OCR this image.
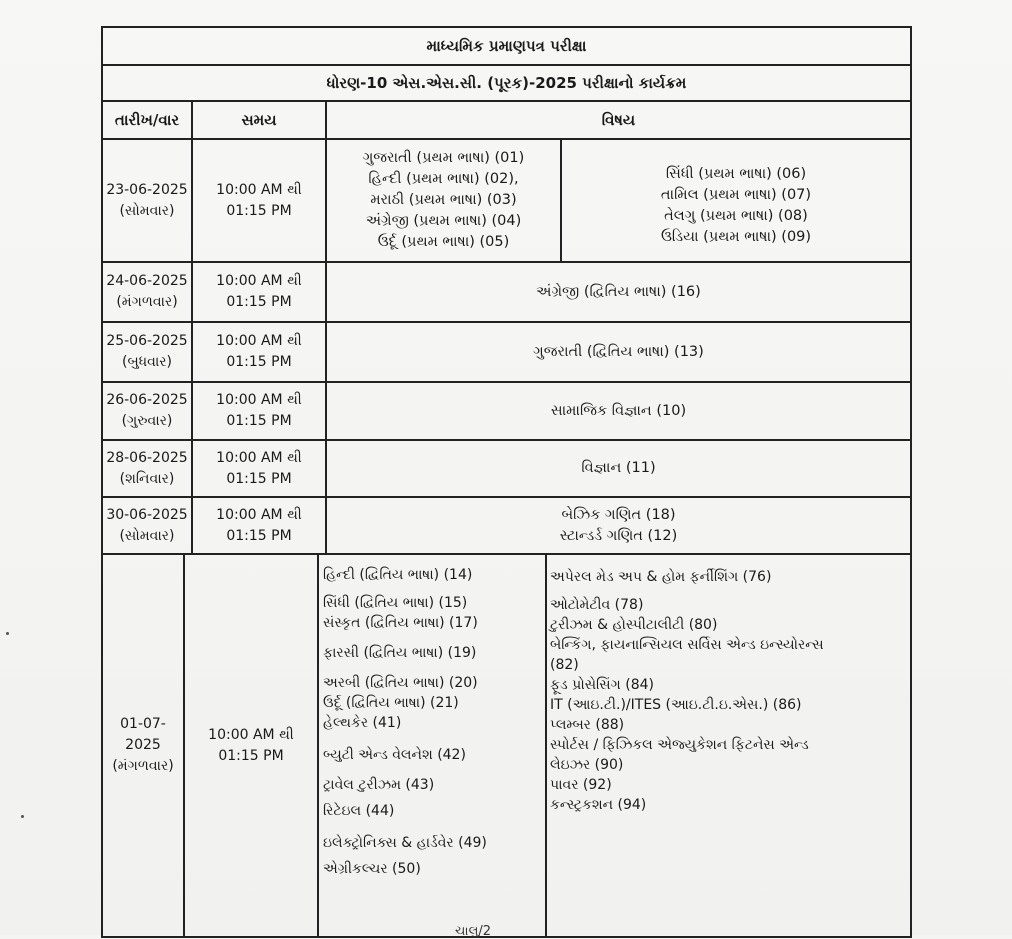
માધ્યમિક પ્રમાણપત્ર પરીક્ષા
ધોરણ-10 એસ.એસ.સી. (પૂરક)-2025 પરીક્ષાનો કાર્યક્રમ
તારીખ/વાર	સમય	વિષય
23-06-2025
(સોમવાર)
10:00 AM થી
01:15 PM
ગુજરાતી (પ્રથમ ભાષા) (01)
હિન્દી (પ્રથમ ભાષા) (02),
મરાઠી (પ્રથમ ભાષા) (03)
અંગ્રેજી (પ્રથમ ભાષા) (04)
ઉર્દૂ (પ્રથમ ભાષા) (05)
સિંધી (પ્રથમ ભાષા) (06)
તામિલ (પ્રથમ ભાષા) (07)
તેલગુ (પ્રથમ ભાષા) (08)
ઉડિયા (પ્રથમ ભાષા) (09)
24-06-2025
(મંગળવાર)
10:00 AM થી
01:15 PM
અંગ્રેજી (દ્વિતિય ભાષા) (16)
25-06-2025
(બુધવાર)
10:00 AM થી
01:15 PM
ગુજરાતી (દ્વિતિય ભાષા) (13)
26-06-2025
(ગુરુવાર)
10:00 AM થી
01:15 PM
સામાજિક વિજ્ઞાન (10)
28-06-2025
(શનિવાર)
10:00 AM થી
01:15 PM
વિજ્ઞાન (11)
30-06-2025
(સોમવાર)
10:00 AM થી
01:15 PM
બેઝિક ગણિત (18)
સ્ટાન્ડર્ડ ગણિત (12)
01-07-2025
(મંગળવાર)
10:00 AM થી
01:15 PM
હિન્દી (દ્વિતિય ભાષા) (14)
સિંધી (દ્વિતિય ભાષા) (15)
સંસ્કૃત (દ્વિતિય ભાષા) (17)
ફારસી (દ્વિતિય ભાષા) (19)
અરબી (દ્વિતિય ભાષા) (20)
ઉર્દૂ (દ્વિતિય ભાષા) (21)
હેલ્થકેર (41)
બ્યુટી એન્ડ વેલનેશ (42)
ટ્રાવેલ ટુરીઝમ (43)
રિટેઇલ (44)
ઇલેક્ટ્રોનિક્સ & હાર્ડવેર (49)
એગ્રીકલ્ચર (50)
અપેરલ મેડ અપ & હોમ ફર્નીશિંગ (76)
ઓટોમેટીવ (78)
ટુરીઝમ & હોસ્પીટાલીટી (80)
બેન્કિંગ, ફાયનાન્સિયલ સર્વિસ એન્ડ ઇન્સ્યોરન્સ
(82)
ફૂડ પ્રોસેસિંગ (84)
IT (આઇ.ટી.)/ITES (આઇ.ટી.ઇ.એસ.) (86)
પ્લમ્બર (88)
સ્પોર્ટસ / ફિઝિકલ એજ્યુકેશન ફિટનેસ એન્ડ
લેઇઝર (90)
પાવર (92)
કન્સ્ટ્રકશન (94)
ચાલુ/2
